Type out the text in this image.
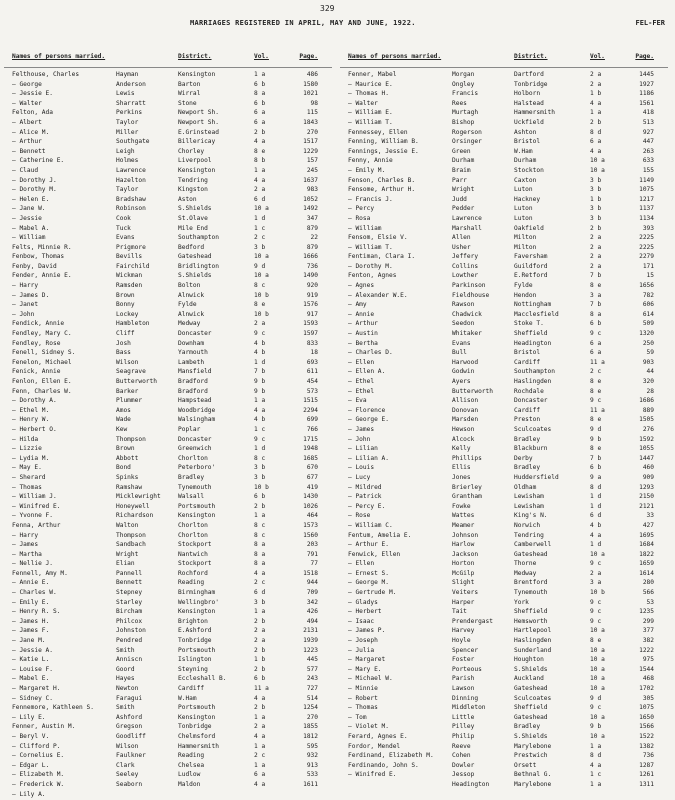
329
MARRIAGES REGISTERED IN APRIL, MAY AND JUNE, 1922.	FEL-FER
Names of persons married.	District.	Vol.	Page.
Felthouse, Charles	Hayman	Kensington	1 a	486
— George	Anderson	Barton	6 b	1580
— Jessie E.	Lewis	Wirral	8 a	1021
— Walter	Sharratt	Stone	6 b	98
Felton, Ada	Perkins	Newport Sh.	6 a	115
— Albert	Taylor	Newport Sh.	6 a	1843
— Alice M.	Miller	E.Grinstead	2 b	270
— Arthur	Southgate	Billericay	4 a	1517
— Bennett	Leigh	Chorley	8 e	1229
— Catherine E.	Holmes	Liverpool	8 b	157
— Claud	Lawrence	Kensington	1 a	245
— Dorothy J.	Hazelton	Tendring	4 a	1637
— Dorothy M.	Taylor	Kingston	2 a	983
— Helen E.	Bradshaw	Aston	6 d	1052
— Jane W.	Robinson	S.Shields	10 a	1492
— Jessie	Cook	St.Olave	1 d	347
— Mabel A.	Tuck	Mile End	1 c	879
— William	Evans	Southampton	2 c	22
Felts, Minnie R.	Prigmore	Bedford	3 b	879
Fenbow, Thomas	Bevills	Gateshead	10 a	1666
Fenby, David	Fairchild	Bridlington	9 d	736
Fender, Annie E.	Wickman	S.Shields	10 a	1490
— Harry	Ramsden	Bolton	8 c	920
— James D.	Brown	Alnwick	10 b	919
— Janet	Bonny	Fylde	8 e	1576
— John	Lockey	Alnwick	10 b	917
Fendick, Annie	Hambleton	Medway	2 a	1593
Fendley, Mary C.	Cliff	Doncaster	9 c	1597
Fendley, Rose	Josh	Downham	4 b	833
Fenell, Sidney S.	Bass	Yarmouth	4 b	18
Fenelon, Michael	Wilson	Lambeth	1 d	693
Fenick, Annie	Seagrave	Mansfield	7 b	611
Fenlon, Ellen E.	Butterworth	Bradford	9 b	454
Fenn, Charles W.	Barker	Bradford	9 b	573
— Dorothy A.	Plummer	Hampstead	1 a	1515
— Ethel M.	Amos	Woodbridge	4 a	2294
— Henry W.	Wade	Walsingham	4 b	699
— Herbert O.	Kew	Poplar	1 c	766
— Hilda	Thompson	Doncaster	9 c	1715
— Lizzie	Brown	Greenwich	1 d	1948
— Lydia M.	Abbott	Chorlton	8 c	1685
— May E.	Bond	Peterboro'	3 b	670
— Sherard	Spinks	Bradley	3 b	677
— Thomas	Ramshaw	Tynemouth	10 b	419
— William J.	Micklewright	Walsall	6 b	1430
— Winifred E.	Honeywell	Portsmouth	2 b	1026
— Yvonne F.	Richardson	Kensington	1 a	464
Fenna, Arthur	Walton	Chorlton	8 c	1573
— Harry	Thompson	Chorlton	8 c	1560
— James	Sandbach	Stockport	8 a	203
— Martha	Wright	Nantwich	8 a	791
— Nellie J.	Elian	Stockport	8 a	77
Fennell, Amy M.	Pannell	Rochford	4 a	1518
— Annie E.	Bennett	Reading	2 c	944
— Charles W.	Stepney	Birmingham	6 d	709
— Emily E.	Starley	Wellingbro'	3 b	342
— Henry R. S.	Bircham	Kensington	1 a	426
— James H.	Philcox	Brighton	2 b	494
— James F.	Johnston	E.Ashford	2 a	2131
— Jane M.	Pendred	Tonbridge	2 a	1939
— Jessie A.	Smith	Portsmouth	2 b	1223
— Katie L.	Anniscn	Islington	1 b	445
— Louise F.	Goord	Steyning	2 b	577
— Mabel E.	Hayes	Eccleshall B.	6 b	243
— Margaret H.	Newton	Cardiff	11 a	727
— Sidney C.	Faragui	W.Ham	4 a	514
Fennemore, Kathleen S.	Smith	Portsmouth	2 b	1254
— Lily E.	Ashford	Kensington	1 a	270
Fenner, Austin M.	Gregson	Tonbridge	2 a	1855
— Beryl V.	Goodliff	Chelmsford	4 a	1812
— Clifford P.	Wilson	Hammersmith	1 a	595
— Cornelius E.	Faulkner	Reading	2 c	932
— Edgar L.	Clark	Chelsea	1 a	913
— Elizabeth M.	Seeley	Ludlow	6 a	533
— Frederick W.	Seaborn	Maldon	4 a	1611
— Lily A.
Names of persons married.	District.	Vol.	Page.
Fenner, Mabel	Morgan	Dartford	2 a	1445
— Maurice E.	Ongley	Tonbridge	2 a	1927
— Thomas H.	Francis	Holborn	1 b	1186
— Walter	Rees	Halstead	4 a	1561
— William E.	Murtagh	Hammersmith	1 a	418
— William T.	Bishop	Uckfield	2 b	513
Fennessey, Ellen	Rogerson	Ashton	8 d	927
Fenning, William B.	Orsinger	Bristol	6 a	447
Fennings, Jessie E.	Green	W.Ham	4 a	263
Fenny, Annie	Durham	Durham	10 a	633
— Emily M.	Braim	Stockton	10 a	155
Fenson, Charles B.	Parr	Caxton	3 b	1149
Fensome, Arthur H.	Wright	Luton	3 b	1075
— Francis J.	Judd	Hackney	1 b	1217
— Percy	Pedder	Luton	3 b	1137
— Rosa	Lawrence	Luton	3 b	1134
— William	Marshall	Oakfield	2 b	393
Fensom, Elsie V.	Allen	Milton	2 a	2225
— William T.	Usher	Milton	2 a	2225
Fentiman, Clara I.	Jeffery	Faversham	2 a	2279
— Dorothy M.	Collins	Guildford	2 a	171
Fenton, Agnes	Lowther	E.Retford	7 b	15
— Agnes	Parkinson	Fylde	8 e	1656
— Alexander W.E.	Fieldhouse	Hendon	3 a	782
— Amy	Rawson	Nottingham	7 b	606
— Annie	Chadwick	Macclesfield	8 a	614
— Arthur	Seedon	Stoke T.	6 b	509
— Austin	Whitaker	Sheffield	9 c	1320
— Bertha	Evans	Headington	6 a	250
— Charles D.	Bull	Bristol	6 a	59
— Ellen	Harwood	Cardiff	11 a	903
— Ellen A.	Godwin	Southampton	2 c	44
— Ethel	Ayers	Haslingden	8 e	320
— Ethel	Butterworth	Rochdale	8 e	28
— Eva	Allison	Doncaster	9 c	1686
— Florence	Donovan	Cardiff	11 a	889
— George E.	Marsden	Preston	8 e	1505
— James	Hewson	Sculcoates	9 d	276
— John	Alcock	Bradley	9 b	1592
— Lilian	Kelly	Blackburn	8 e	1055
— Lilian A.	Phillips	Derby	7 b	1447
— Louis	Ellis	Bradley	6 b	460
— Lucy	Jones	Huddersfield	9 a	909
— Mildred	Brierley	Oldham	8 d	1293
— Patrick	Grantham	Lewisham	1 d	2150
— Percy E.	Fowke	Lewisham	1 d	2121
— Rose	Wattes	King's N.	6 d	33
— William C.	Meamer	Norwich	4 b	427
Fentum, Amelia E.	Johnson	Tendring	4 a	1695
— Arthur E.	Harlow	Camberwell	1 d	1684
Fenwick, Ellen	Jackson	Gateshead	10 a	1822
— Ellen	Horton	Thorne	9 c	1659
— Ernest S.	McGilp	Medway	2 a	1614
— George M.	Slight	Brentford	3 a	280
— Gertrude M.	Veiters	Tynemouth	10 b	566
— Gladys	Harper	York	9 c	53
— Herbert	Tait	Sheffield	9 c	1235
— Isaac	Prendergast	Hemsworth	9 c	299
— James P.	Harvey	Hartlepool	10 a	377
— Joseph	Hoyle	Haslingden	8 e	382
— Julia	Spencer	Sunderland	10 a	1222
— Margaret	Foster	Houghton	10 a	975
— Mary E.	Porteous	S.Shields	10 a	1544
— Michael W.	Parish	Auckland	10 a	468
— Minnie	Lawson	Gateshead	10 a	1702
— Robert	Dinning	Sculcoates	9 d	305
— Thomas	Middleton	Sheffield	9 c	1075
— Tom	Little	Gateshead	10 a	1650
— Violet M.	Pilley	Bradley	9 b	1566
Ferard, Agnes E.	Philip	S.Shields	10 a	1522
Fordor, Mendel	Reeve	Marylebone	1 a	1382
Ferdinand, Elizabeth M.	Cohen	Prestwich	8 d	736
Ferdinando, John S.	Dowler	Orsett	4 a	1287
— Winifred E.	Jessop	Bethnal G.	1 c	1261
Headington	Marylebone	1 a	1311
